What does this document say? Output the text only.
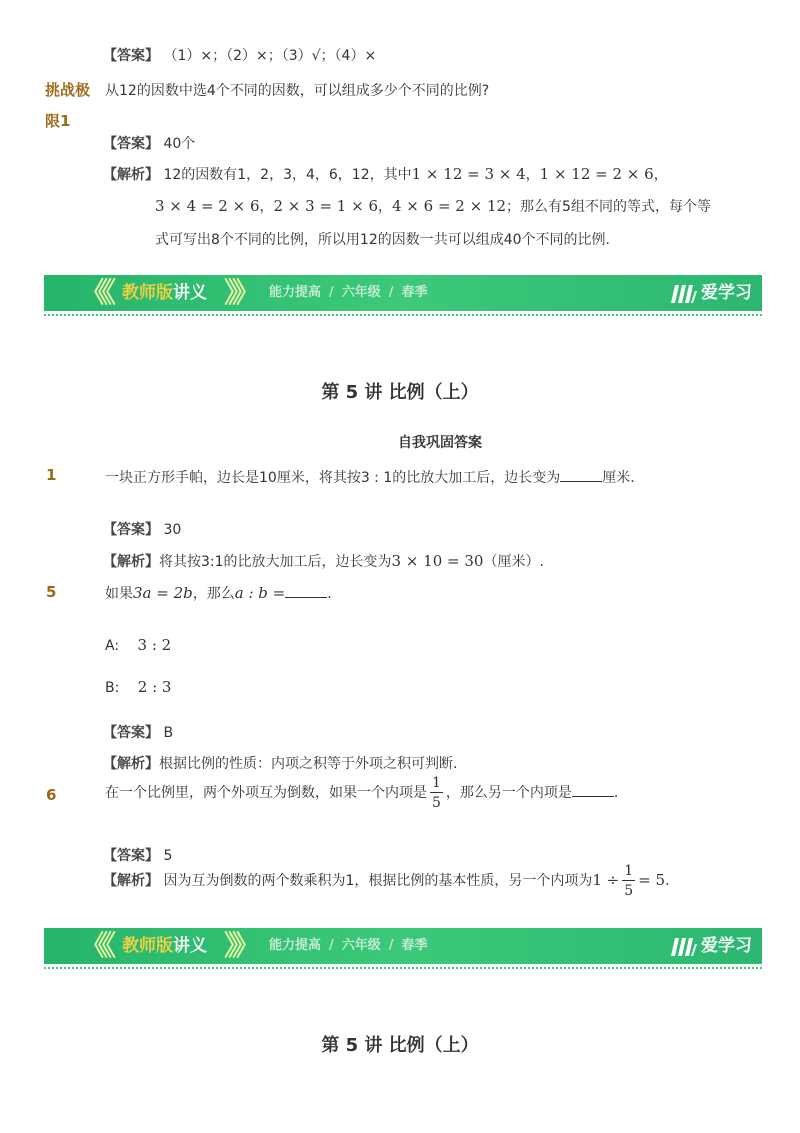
【答案】 （1）×；（2）×；（3）√；（4）×
挑战极
限1
从12的因数中选4个不同的因数，可以组成多少个不同的比例?
【答案】 40个
【解析】 12的因数有1，2，3，4，6，12，其中1 × 12 = 3 × 4，1 × 12 = 2 × 6，
3 × 4 = 2 × 6，2 × 3 = 1 × 6，4 × 6 = 2 × 12；那么有5组不同的等式，每个等
式可写出8个不同的比例，所以用12的因数一共可以组成40个不同的比例.
《《 教师版讲义 》》 能力提高 / 六年级 / 春季	爱学习
第 5 讲 比例（上）
自我巩固答案
1	一块正方形手帕，边长是10厘米，将其按3 : 1的比放大加工后，边长变为	厘米.
【答案】 30
【解析】将其按3:1的比放大加工后，边长变为3 × 10 = 30（厘米）.
5	如果3a = 2b，那么a : b =	.
A: 3 : 2
B: 2 : 3
【答案】 B
【解析】根据比例的性质：内项之积等于外项之积可判断.
6	在一个比例里，两个外项互为倒数，如果一个内项是 $\frac{1}{5}$ ，那么另一个内项是	.
【答案】 5
【解析】 因为互为倒数的两个数乘积为1，根据比例的基本性质，另一个内项为$1 \div \frac{1}{5} = 5$.
《《 教师版讲义 》》 能力提高 / 六年级 / 春季	爱学习
第 5 讲 比例（上）
